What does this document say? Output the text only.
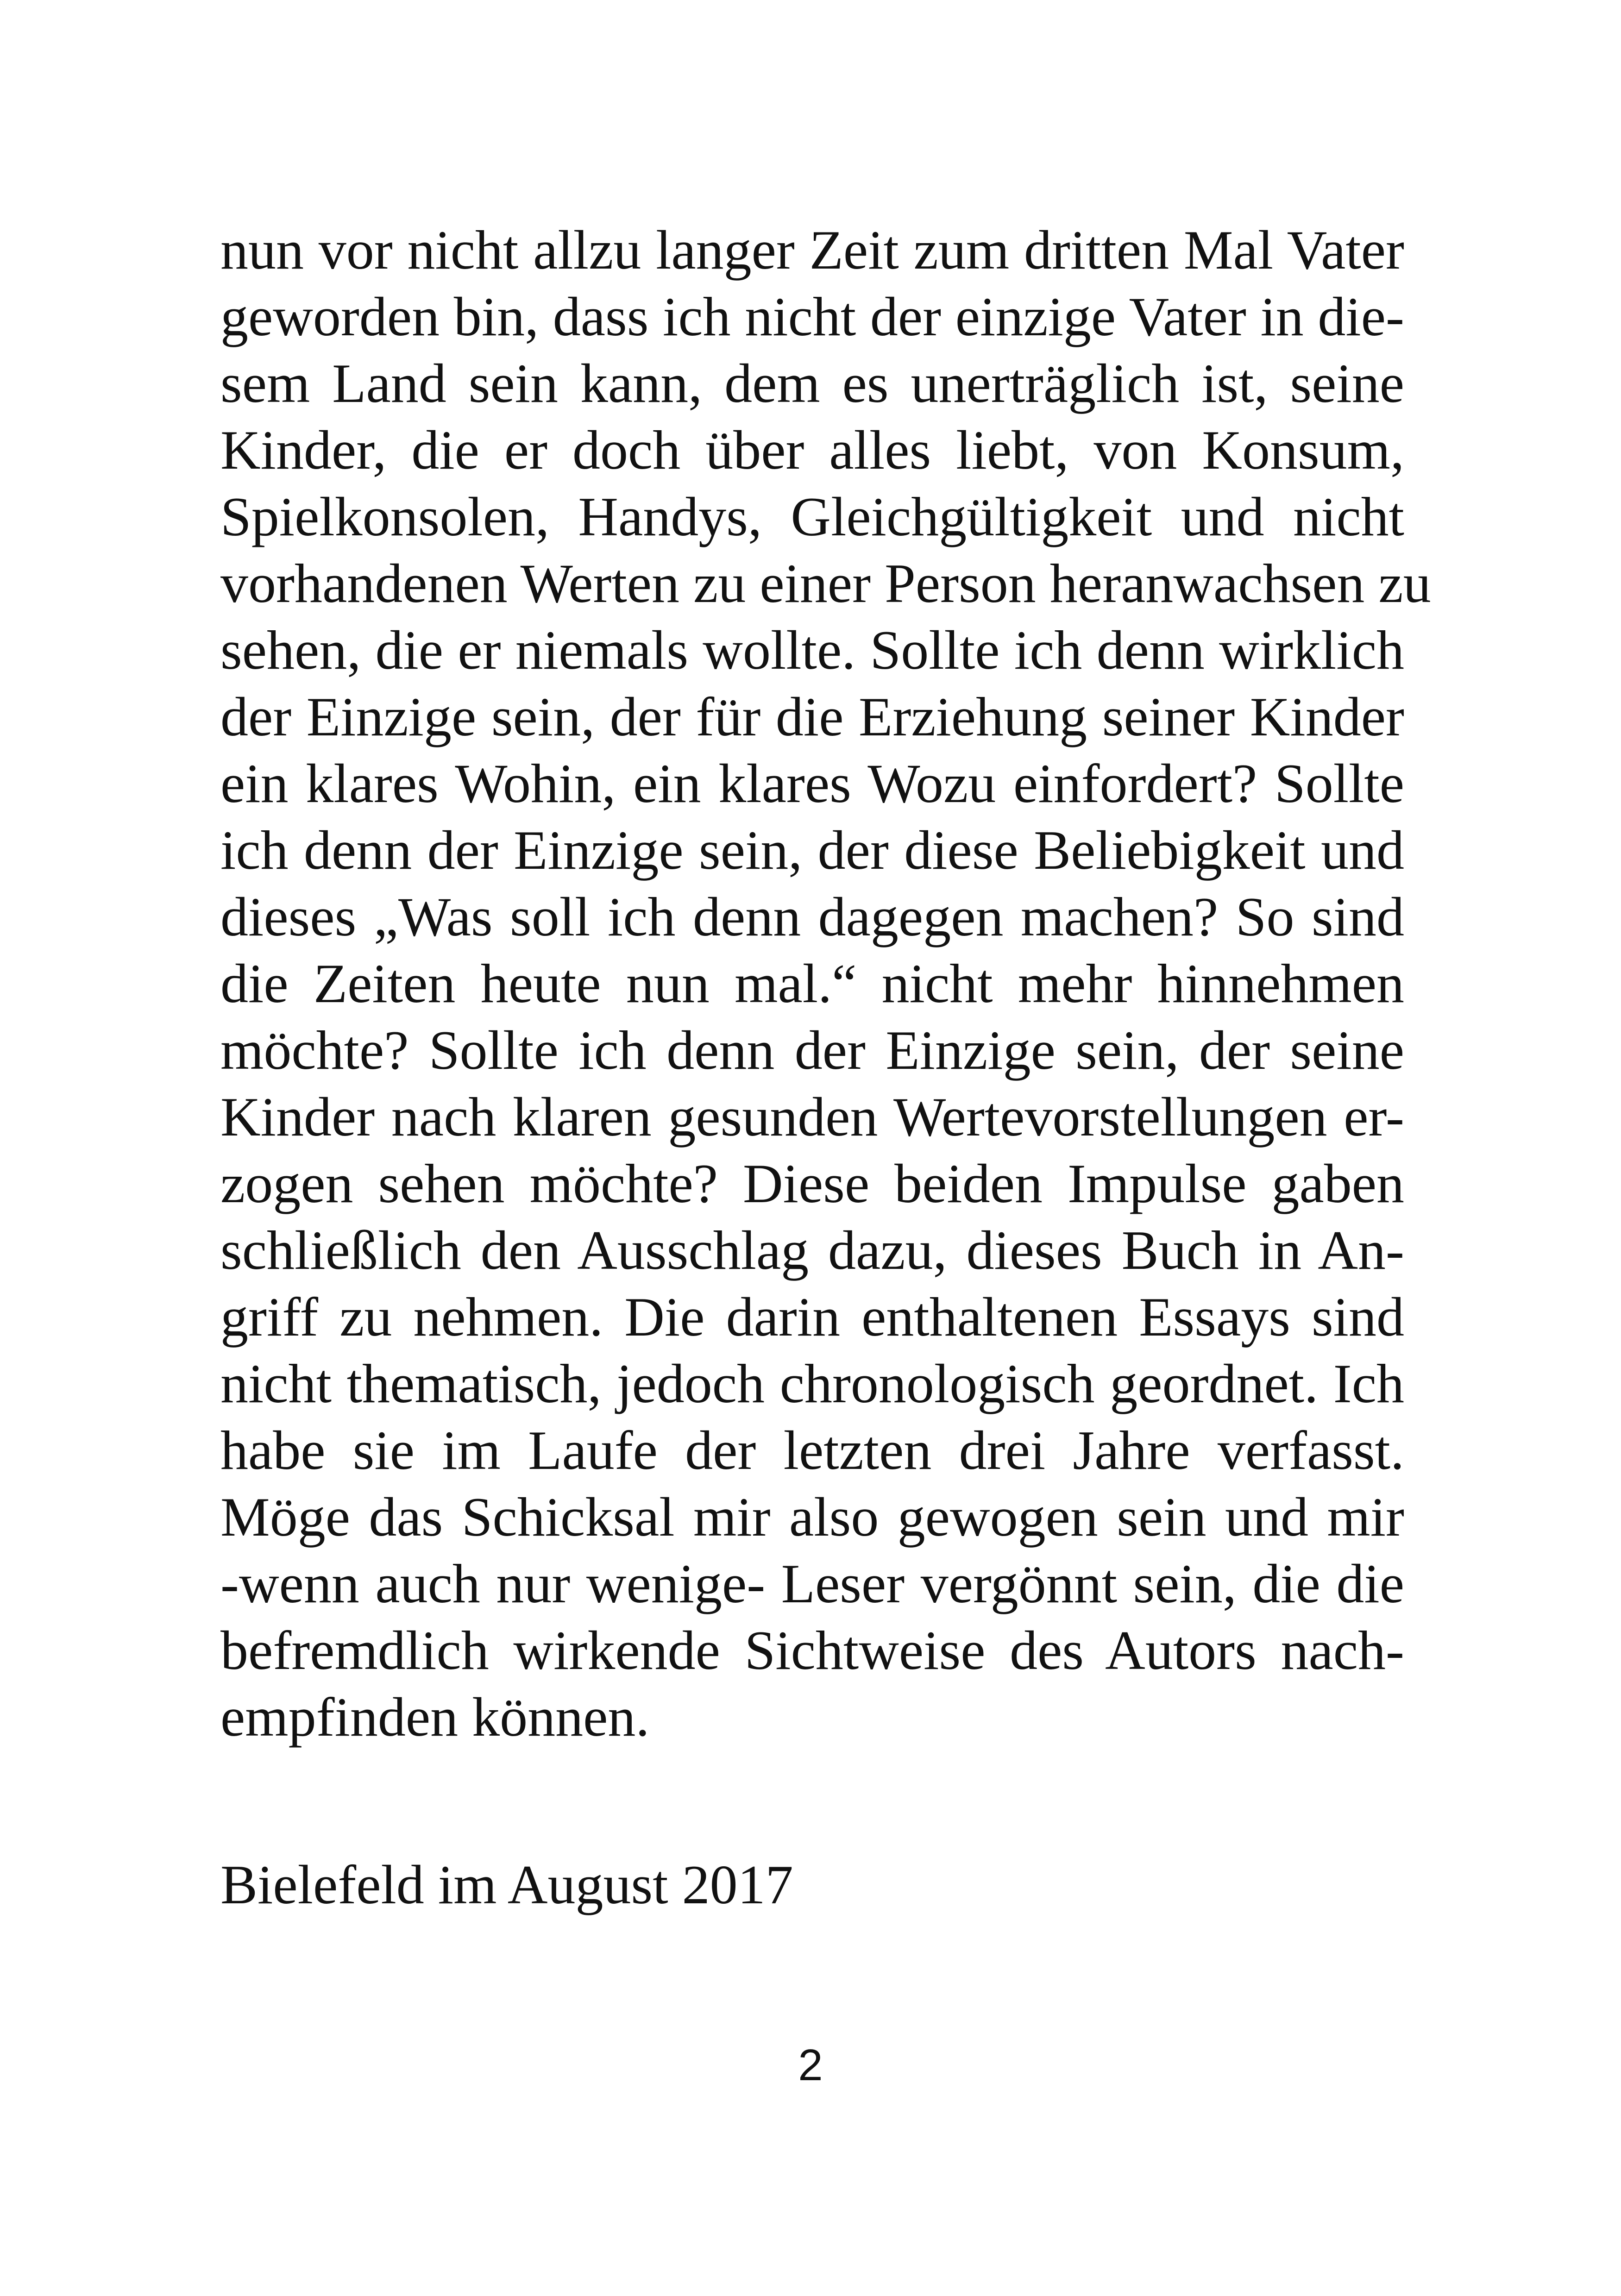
nun vor nicht allzu langer Zeit zum dritten Mal Vater
geworden bin, dass ich nicht der einzige Vater in die-
sem Land sein kann, dem es unerträglich ist, seine
Kinder, die er doch über alles liebt, von Konsum,
Spielkonsolen, Handys, Gleichgültigkeit und nicht
vorhandenen Werten zu einer Person heranwachsen zu
sehen, die er niemals wollte. Sollte ich denn wirklich
der Einzige sein, der für die Erziehung seiner Kinder
ein klares Wohin, ein klares Wozu einfordert? Sollte
ich denn der Einzige sein, der diese Beliebigkeit und
dieses „Was soll ich denn dagegen machen? So sind
die Zeiten heute nun mal.“ nicht mehr hinnehmen
möchte? Sollte ich denn der Einzige sein, der seine
Kinder nach klaren gesunden Wertevorstellungen er-
zogen sehen möchte? Diese beiden Impulse gaben
schließlich den Ausschlag dazu, dieses Buch in An-
griff zu nehmen. Die darin enthaltenen Essays sind
nicht thematisch, jedoch chronologisch geordnet. Ich
habe sie im Laufe der letzten drei Jahre verfasst.
Möge das Schicksal mir also gewogen sein und mir
-wenn auch nur wenige- Leser vergönnt sein, die die
befremdlich wirkende Sichtweise des Autors nach-
empfinden können.
Bielefeld im August 2017
2
